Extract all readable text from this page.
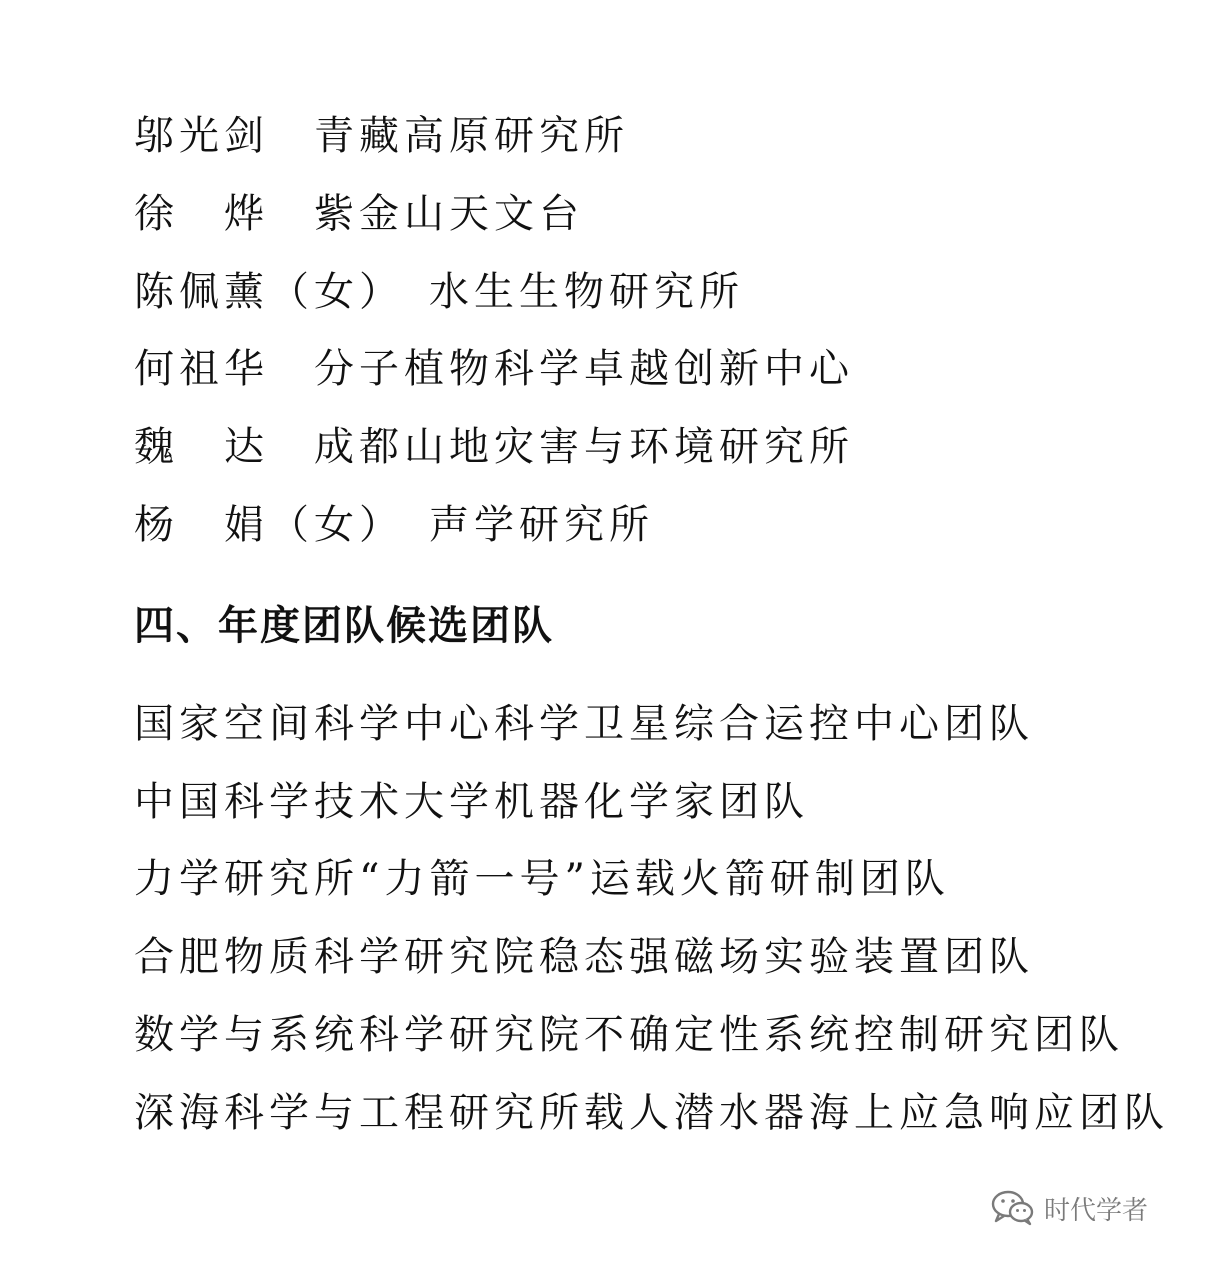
邬光剑　青藏高原研究所
徐　烨　紫金山天文台
陈佩薰（女）　水生生物研究所
何祖华　分子植物科学卓越创新中心
魏　达　成都山地灾害与环境研究所
杨　娟（女）　声学研究所
四、年度团队候选团队
国家空间科学中心科学卫星综合运控中心团队
中国科学技术大学机器化学家团队
力学研究所“力箭一号”运载火箭研制团队
合肥物质科学研究院稳态强磁场实验装置团队
数学与系统科学研究院不确定性系统控制研究团队
深海科学与工程研究所载人潜水器海上应急响应团队
时代学者
